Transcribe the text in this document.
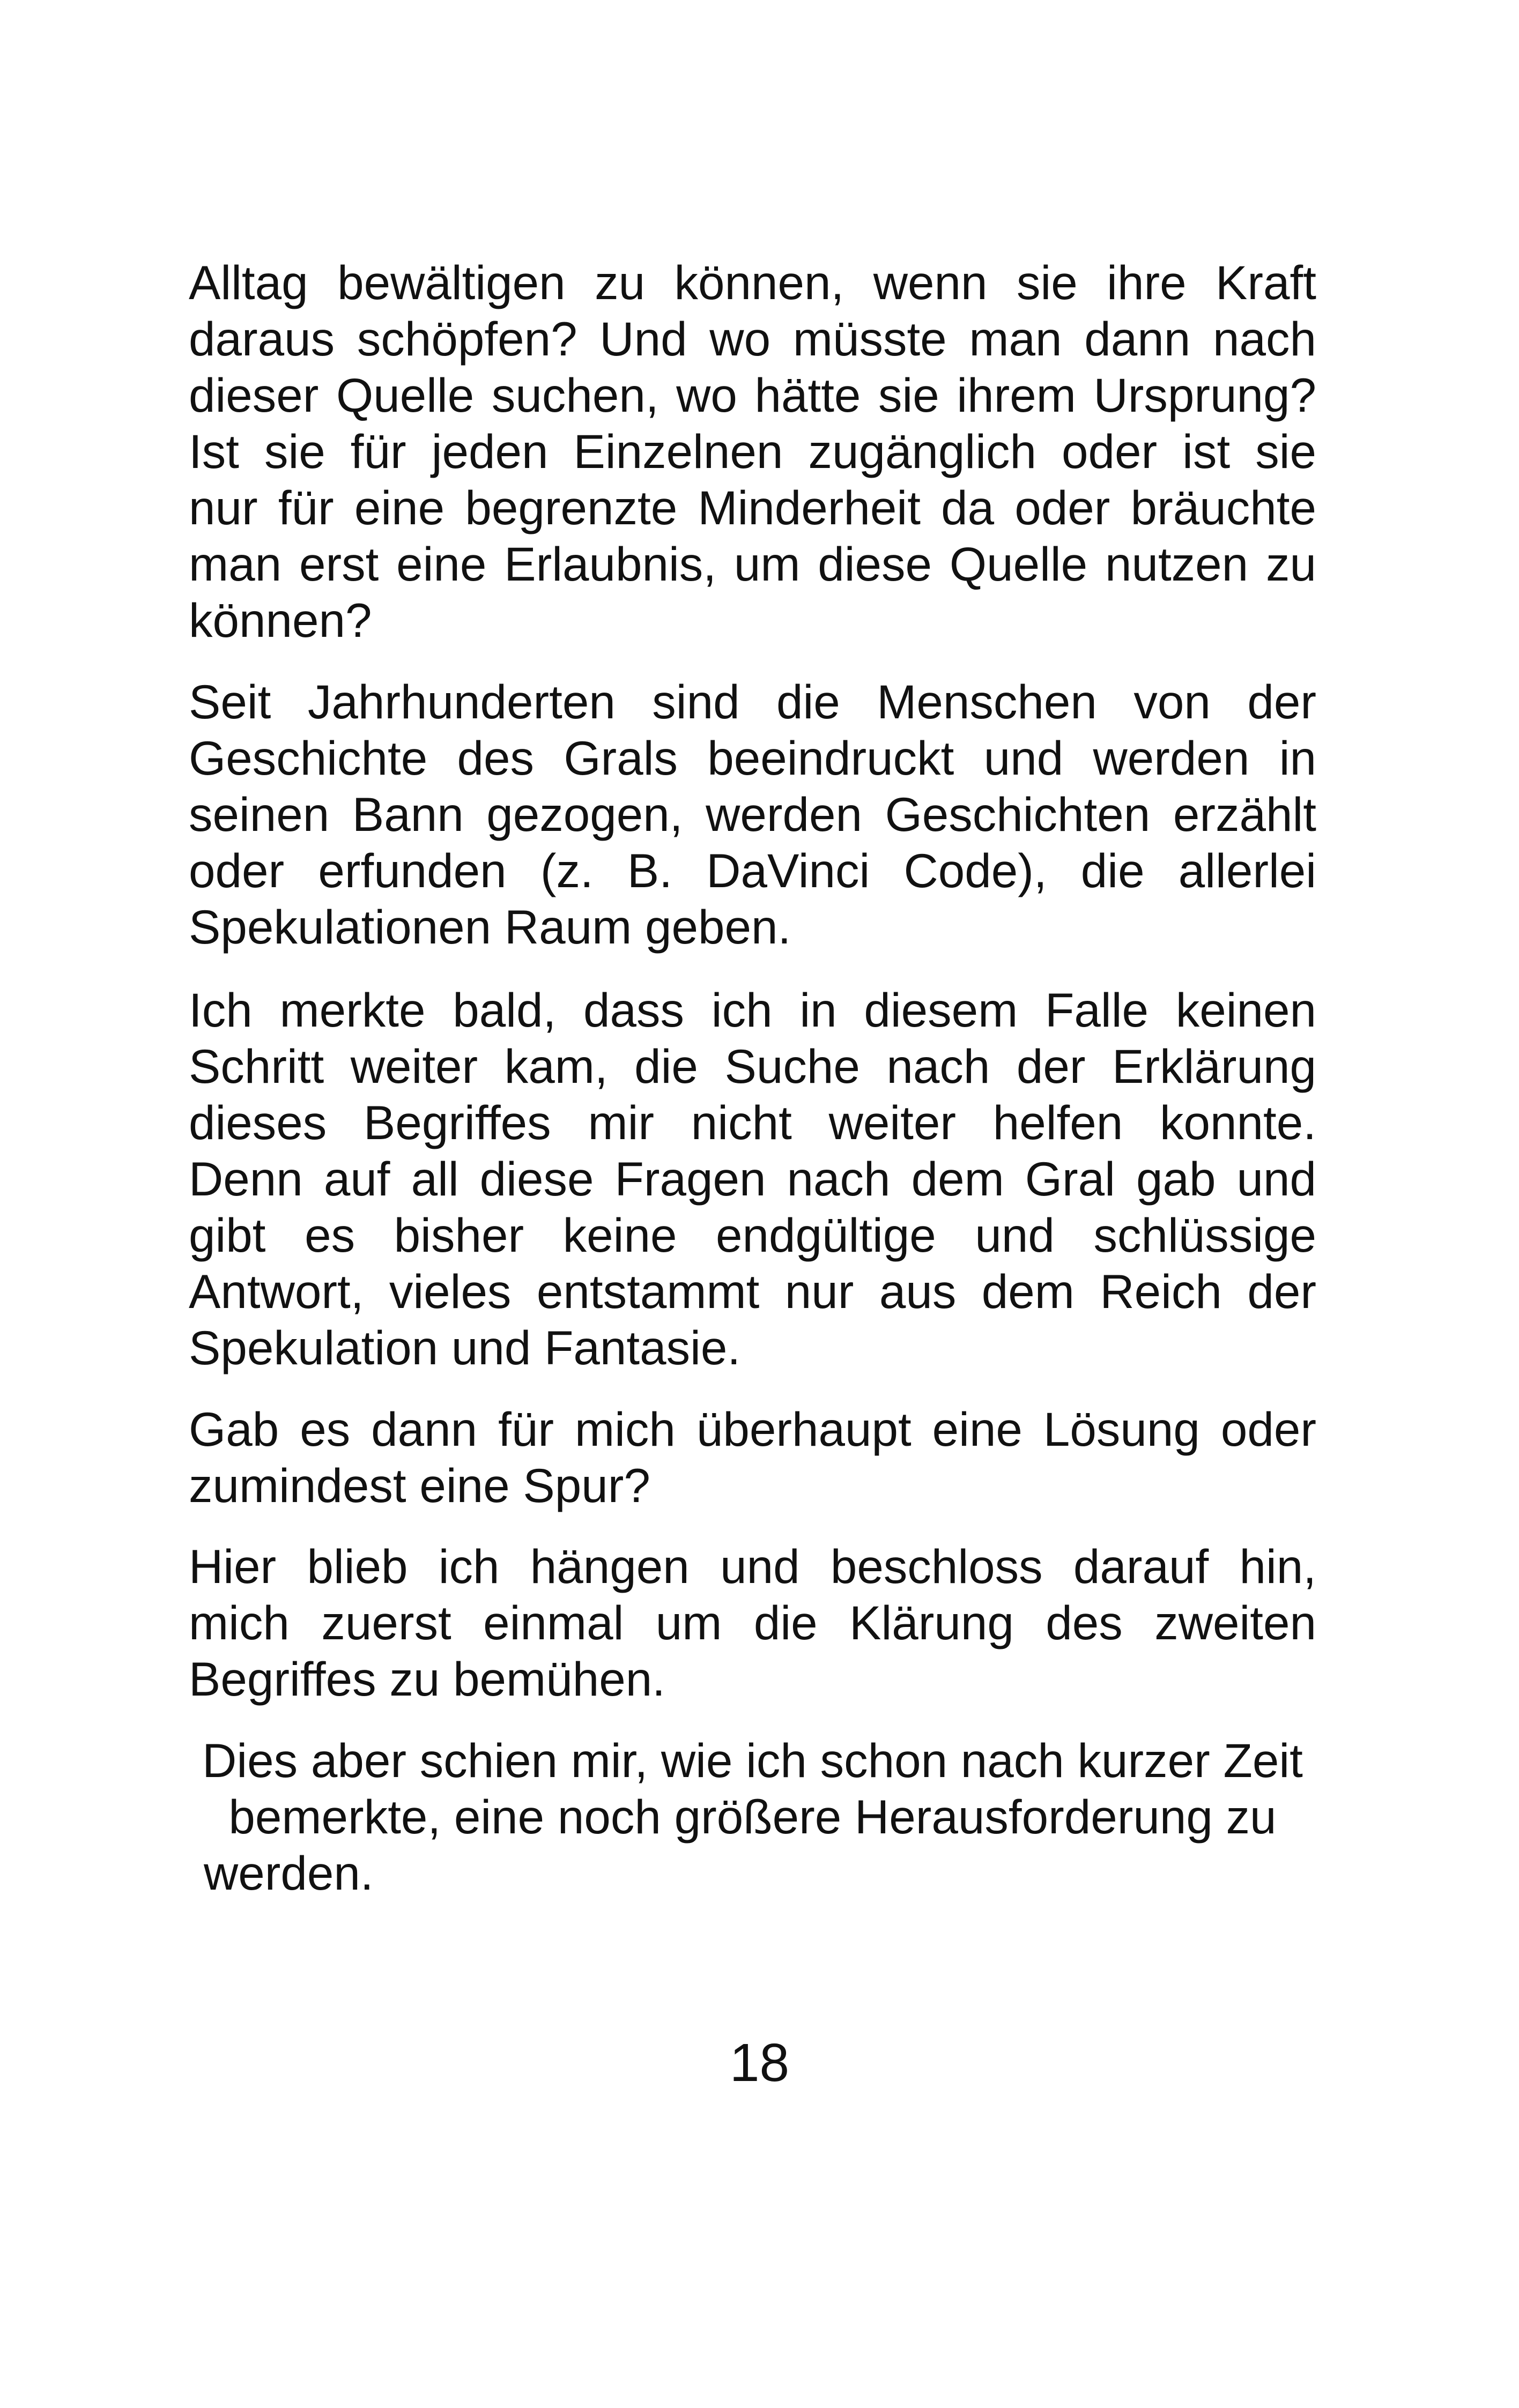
Alltag bewältigen zu können, wenn sie ihre Kraft
daraus schöpfen? Und wo müsste man dann nach
dieser Quelle suchen, wo hätte sie ihrem Ursprung?
Ist sie für jeden Einzelnen zugänglich oder ist sie
nur für eine begrenzte Minderheit da oder bräuchte
man erst eine Erlaubnis, um diese Quelle nutzen zu
können?
Seit Jahrhunderten sind die Menschen von der
Geschichte des Grals beeindruckt und werden in
seinen Bann gezogen, werden Geschichten erzählt
oder erfunden (z. B. DaVinci Code), die allerlei
Spekulationen Raum geben.
Ich merkte bald, dass ich in diesem Falle keinen
Schritt weiter kam, die Suche nach der Erklärung
dieses Begriffes mir nicht weiter helfen konnte.
Denn auf all diese Fragen nach dem Gral gab und
gibt es bisher keine endgültige und schlüssige
Antwort, vieles entstammt nur aus dem Reich der
Spekulation und Fantasie.
Gab es dann für mich überhaupt eine Lösung oder
zumindest eine Spur?
Hier blieb ich hängen und beschloss darauf hin,
mich zuerst einmal um die Klärung des zweiten
Begriffes zu bemühen.
Dies aber schien mir, wie ich schon nach kurzer Zeit
bemerkte, eine noch größere Herausforderung zu
werden.
18
